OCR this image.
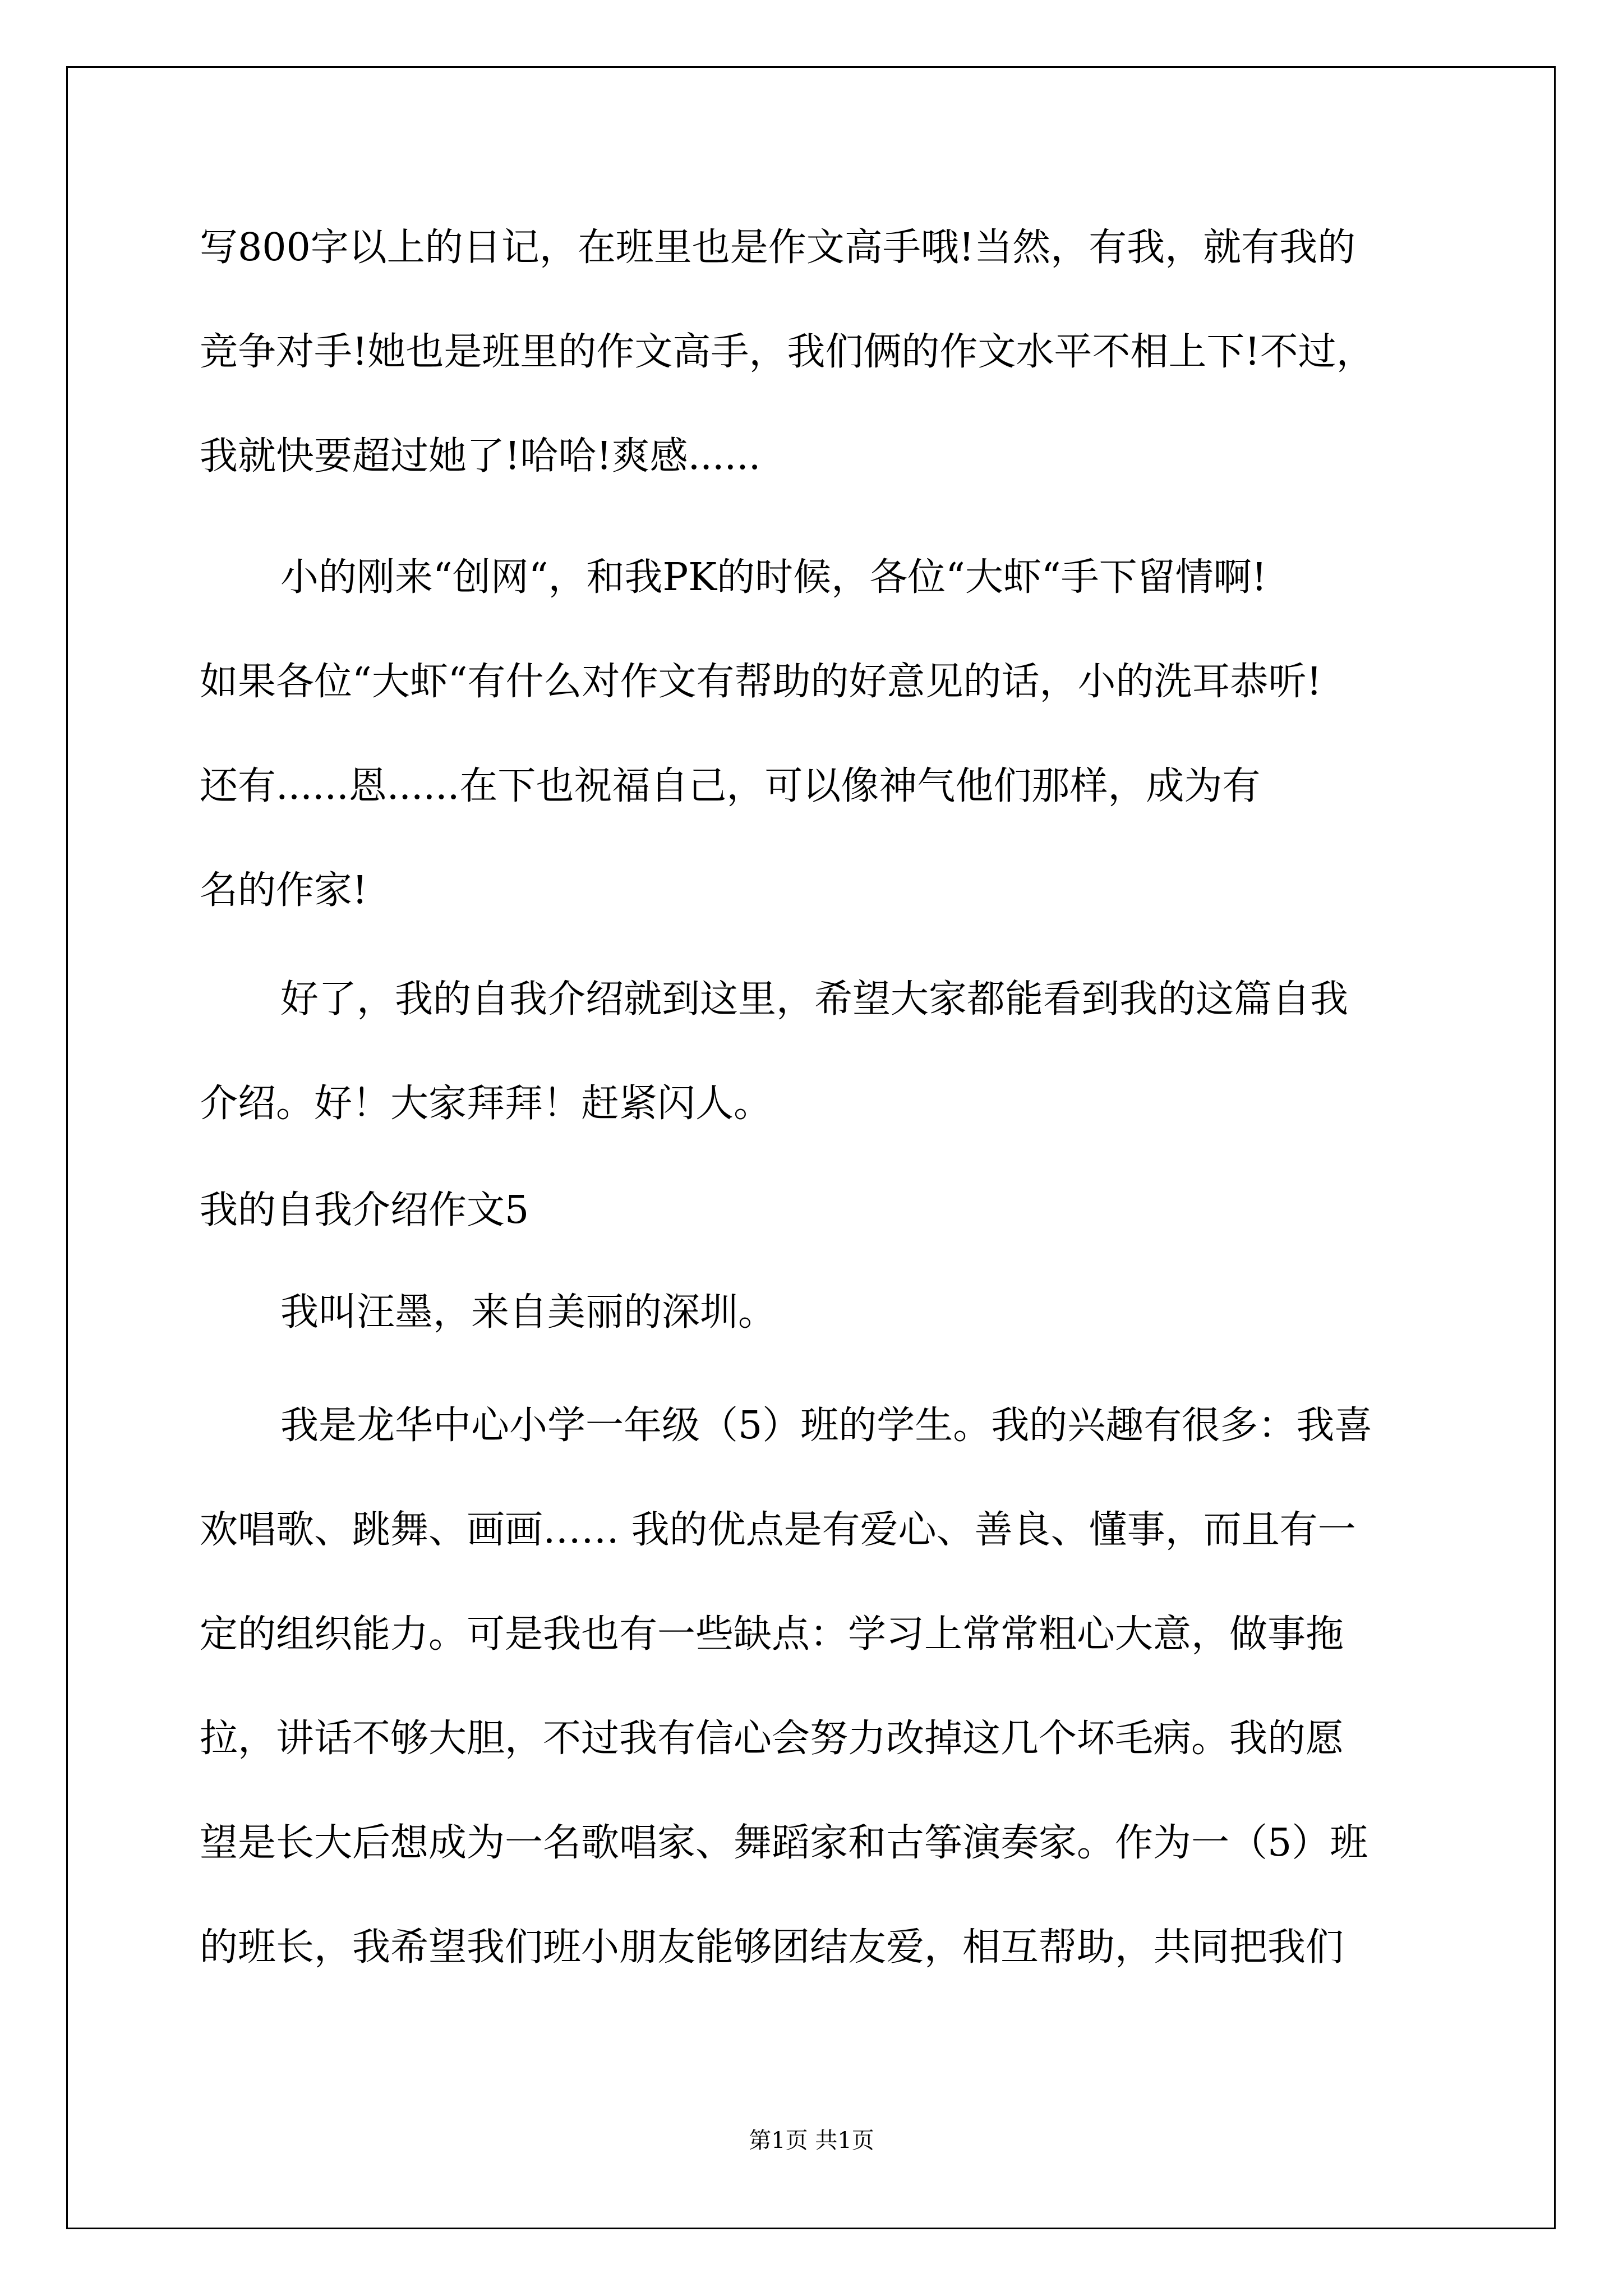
写800字以上的日记，在班里也是作文高手哦!当然，有我，就有我的
竞争对手!她也是班里的作文高手，我们俩的作文水平不相上下!不过，
我就快要超过她了!哈哈!爽感......
小的刚来“创网“，和我PK的时候，各位“大虾“手下留情啊!
如果各位“大虾“有什么对作文有帮助的好意见的话，小的洗耳恭听!
还有......恩......在下也祝福自己，可以像神气他们那样，成为有
名的作家!
好了，我的自我介绍就到这里，希望大家都能看到我的这篇自我
介绍。好！大家拜拜！赶紧闪人。
我的自我介绍作文5
我叫汪墨，来自美丽的深圳。
我是龙华中心小学一年级（5）班的学生。我的兴趣有很多：我喜
欢唱歌、跳舞、画画…… 我的优点是有爱心、善良、懂事，而且有一
定的组织能力。可是我也有一些缺点：学习上常常粗心大意，做事拖
拉，讲话不够大胆，不过我有信心会努力改掉这几个坏毛病。我的愿
望是长大后想成为一名歌唱家、舞蹈家和古筝演奏家。作为一（5）班
的班长，我希望我们班小朋友能够团结友爱，相互帮助，共同把我们
第1页 共1页
